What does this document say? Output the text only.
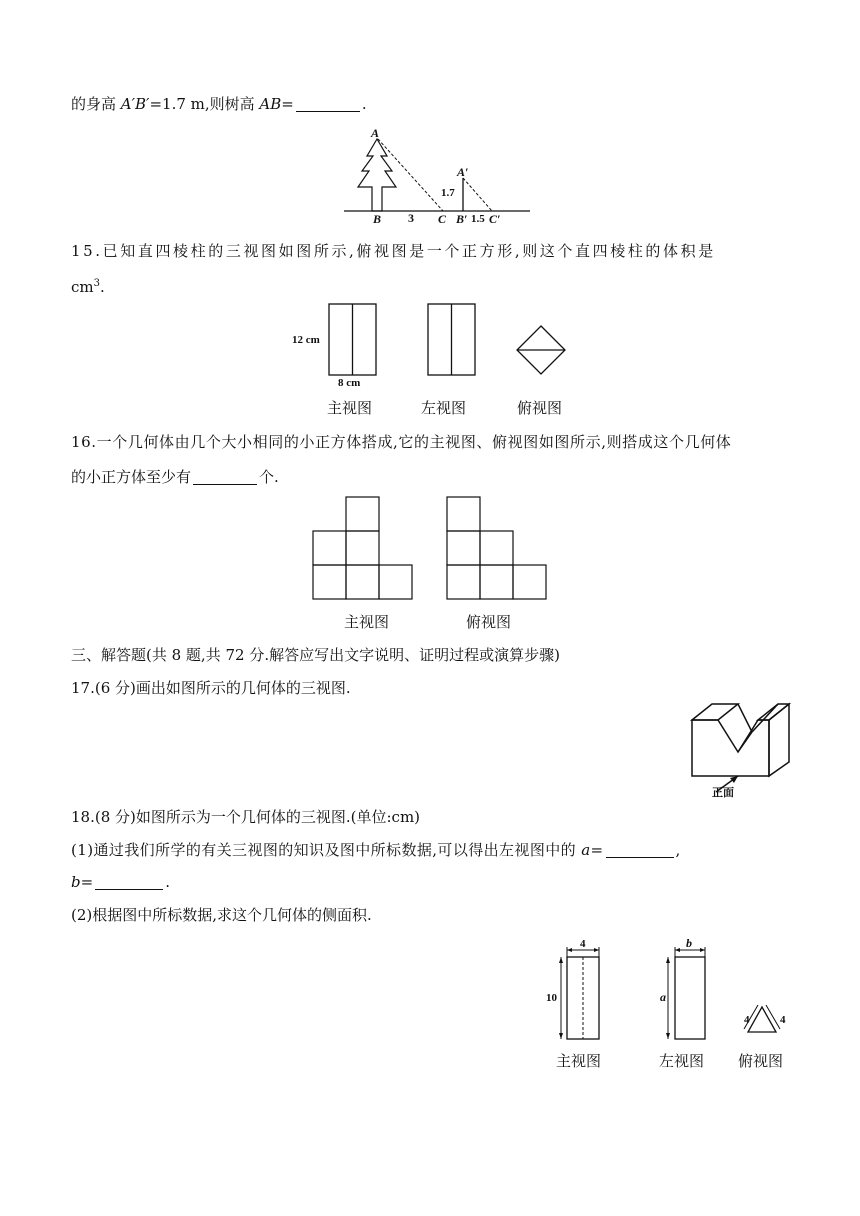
的身高 A′B′=1.7 m,则树高 AB=	.
A
B 3 C
A′
1.7
B′ 1.5 C′
15.已知直四棱柱的三视图如图所示,俯视图是一个正方形,则这个直四棱柱的体积是
$cm^3$.
12 cm
8 cm
主视图	左视图	俯视图
16.一个几何体由几个大小相同的小正方体搭成,它的主视图、俯视图如图所示,则搭成这个几何体
的小正方体至少有	个.
主视图	俯视图
三、解答题(共 8 题,共 72 分.解答应写出文字说明、证明过程或演算步骤)
17.(6 分)画出如图所示的几何体的三视图.
正面
18.(8 分)如图所示为一个几何体的三视图.(单位:cm)
(1)通过我们所学的有关三视图的知识及图中所标数据,可以得出左视图中的 a=	,
b=	.
(2)根据图中所标数据,求这个几何体的侧面积.
4
10
b
a
4	4
主视图	左视图 俯视图
